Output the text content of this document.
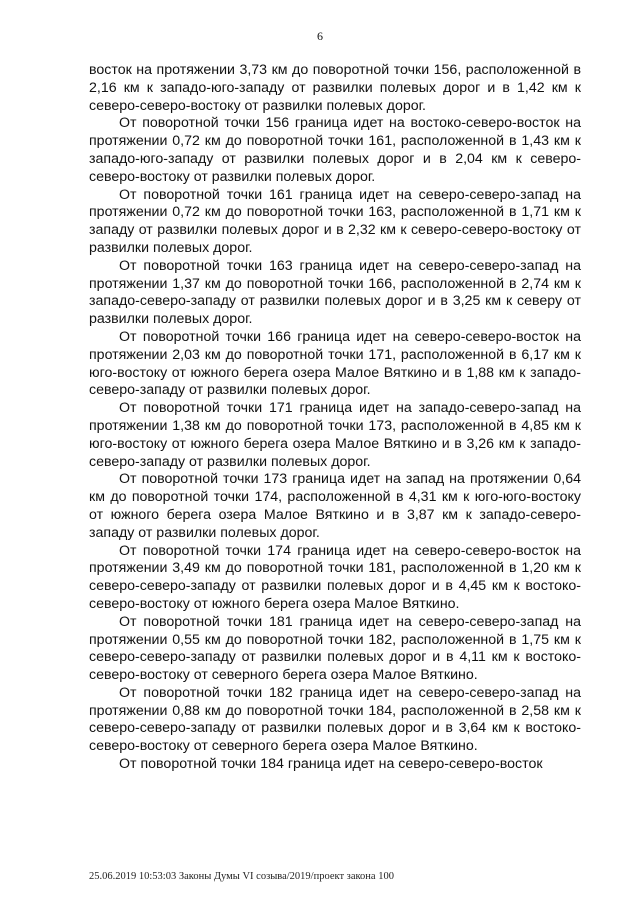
6

восток на протяжении 3,73 км до поворотной точки 156, расположенной в 2,16 км к западо-юго-западу от развилки полевых дорог и в 1,42 км к северо-северо-востоку от развилки полевых дорог.

От поворотной точки 156 граница идет на востоко-северо-восток на протяжении 0,72 км до поворотной точки 161, расположенной в 1,43 км к западо-юго-западу от развилки полевых дорог и в 2,04 км к северо-северо-востоку от развилки полевых дорог.

От поворотной точки 161 граница идет на северо-северо-запад на протяжении 0,72 км до поворотной точки 163, расположенной в 1,71 км к западу от развилки полевых дорог и в 2,32 км к северо-северо-востоку от развилки полевых дорог.

От поворотной точки 163 граница идет на северо-северо-запад на протяжении 1,37 км до поворотной точки 166, расположенной в 2,74 км к западо-северо-западу от развилки полевых дорог и в 3,25 км к северу от развилки полевых дорог.

От поворотной точки 166 граница идет на северо-северо-восток на протяжении 2,03 км до поворотной точки 171, расположенной в 6,17 км к юго-востоку от южного берега озера Малое Вяткино и в 1,88 км к западо-северо-западу от развилки полевых дорог.

От поворотной точки 171 граница идет на западо-северо-запад на протяжении 1,38 км до поворотной точки 173, расположенной в 4,85 км к юго-востоку от южного берега озера Малое Вяткино и в 3,26 км к западо-северо-западу от развилки полевых дорог.

От поворотной точки 173 граница идет на запад на протяжении 0,64 км до поворотной точки 174, расположенной в 4,31 км к юго-юго-востоку от южного берега озера Малое Вяткино и в 3,87 км к западо-северо-западу от развилки полевых дорог.

От поворотной точки 174 граница идет на северо-северо-восток на протяжении 3,49 км до поворотной точки 181, расположенной в 1,20 км к северо-северо-западу от развилки полевых дорог и в 4,45 км к востоко-северо-востоку от южного берега озера Малое Вяткино.

От поворотной точки 181 граница идет на северо-северо-запад на протяжении 0,55 км до поворотной точки 182, расположенной в 1,75 км к северо-северо-западу от развилки полевых дорог и в 4,11 км к востоко-северо-востоку от северного берега озера Малое Вяткино.

От поворотной точки 182 граница идет на северо-северо-запад на протяжении 0,88 км до поворотной точки 184, расположенной в 2,58 км к северо-северо-западу от развилки полевых дорог и в 3,64 км к востоко-северо-востоку от северного берега озера Малое Вяткино.

От поворотной точки 184 граница идет на северо-северо-восток

25.06.2019 10:53:03 Законы Думы VI созыва/2019/проект закона 100
